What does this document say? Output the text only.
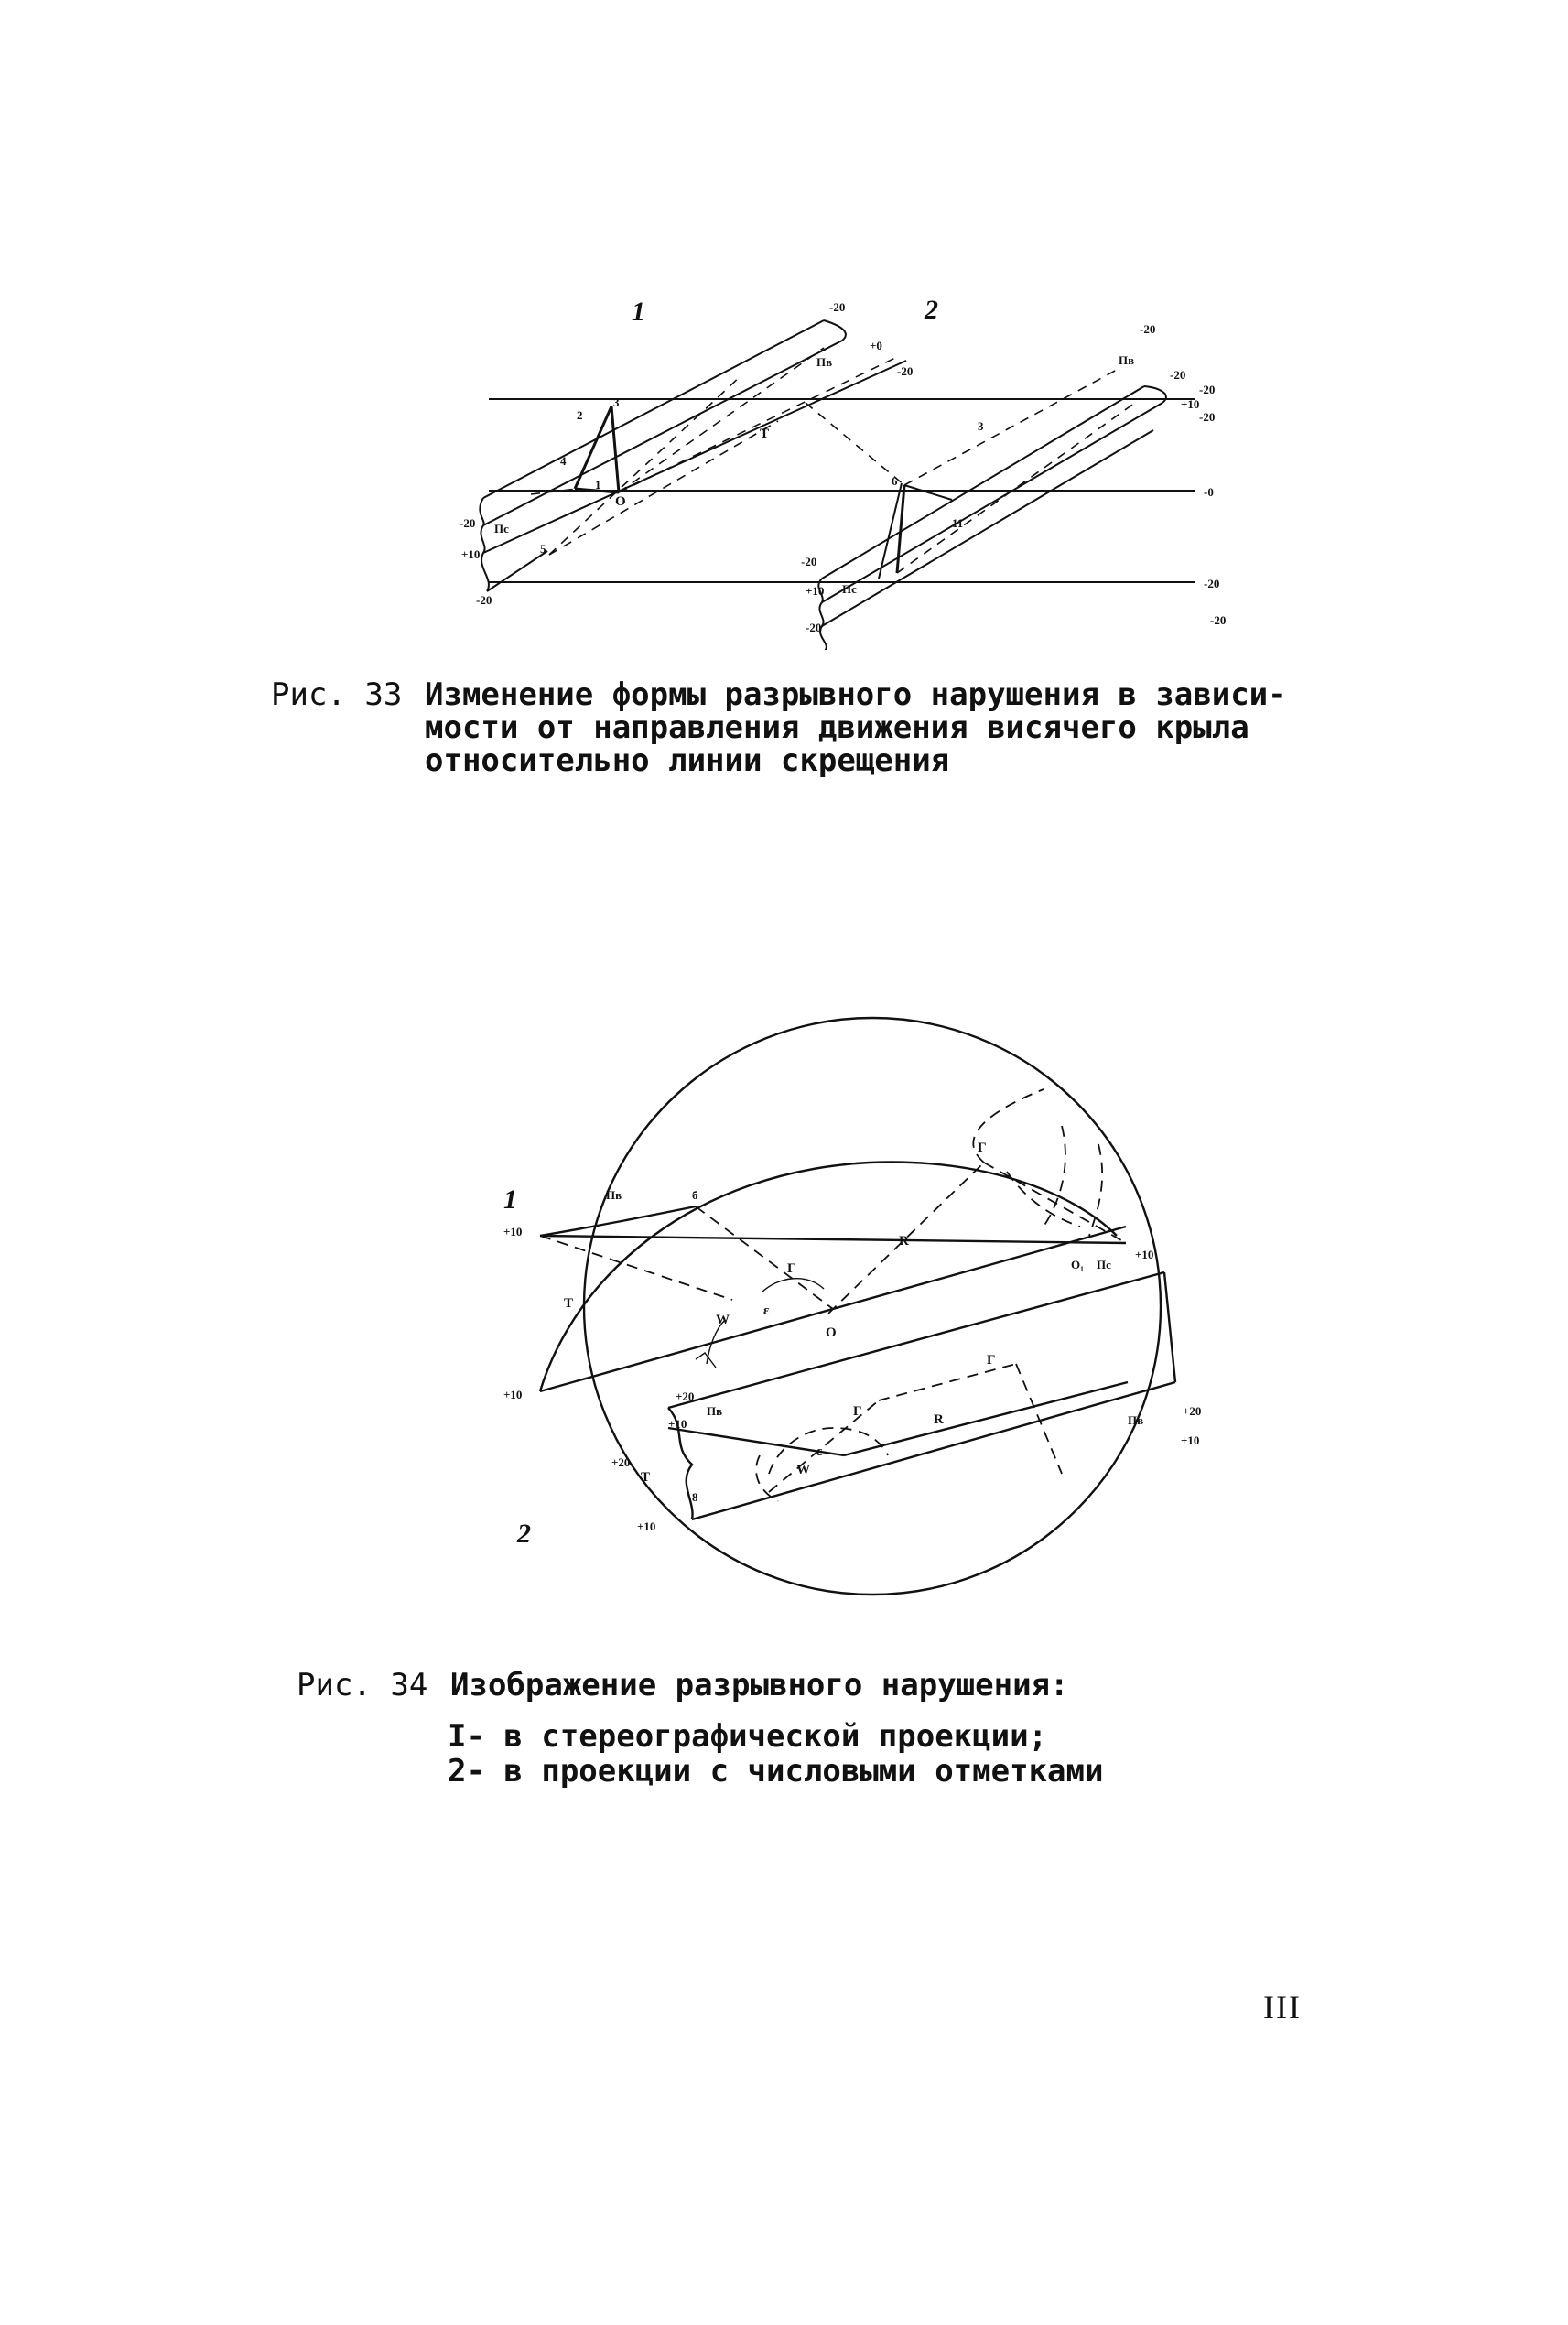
1	2
T
O
-20
+0
-20
-20
-0
-20
-20
+10
-20
-20
+10
-20
-20
-20
+10
-20
-20
1
2
3
4
5
6
11
3
Пв	Пв
Пс
Пс
Рис. 33 Изменение формы разрывного нарушения в зависи-
мости от направления движения висячего крыла
относительно линии скрещения
1
2
+10
+10
+10
+20
+10
+20
+10
+20
+10
Г
Г
Г
Г
R
R
O
O₁
Пв
Пс
Пв
Пв
W
W
T
T
ε
ε
б
8
Рис. 34 Изображение разрывного нарушения:
I- в стереографической проекции;
2- в проекции с числовыми отметками
III
